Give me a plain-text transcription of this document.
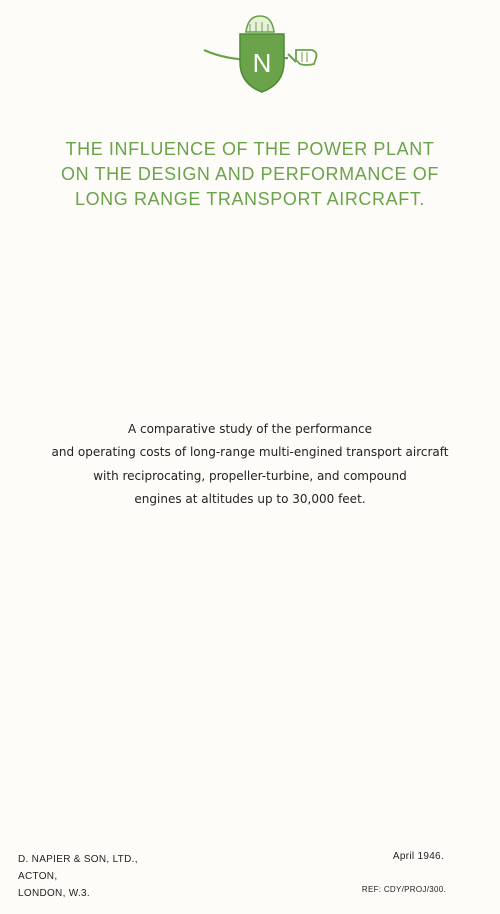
N
THE INFLUENCE OF THE POWER PLANT
ON THE DESIGN AND PERFORMANCE OF
LONG RANGE TRANSPORT AIRCRAFT.
A comparative study of the performance
and operating costs of long-range multi-engined transport aircraft
with reciprocating, propeller-turbine, and compound
engines at altitudes up to 30,000 feet.
D. NAPIER & SON, LTD.,
ACTON,
LONDON, W.3.
April 1946.
REF: CDY/PROJ/300.
